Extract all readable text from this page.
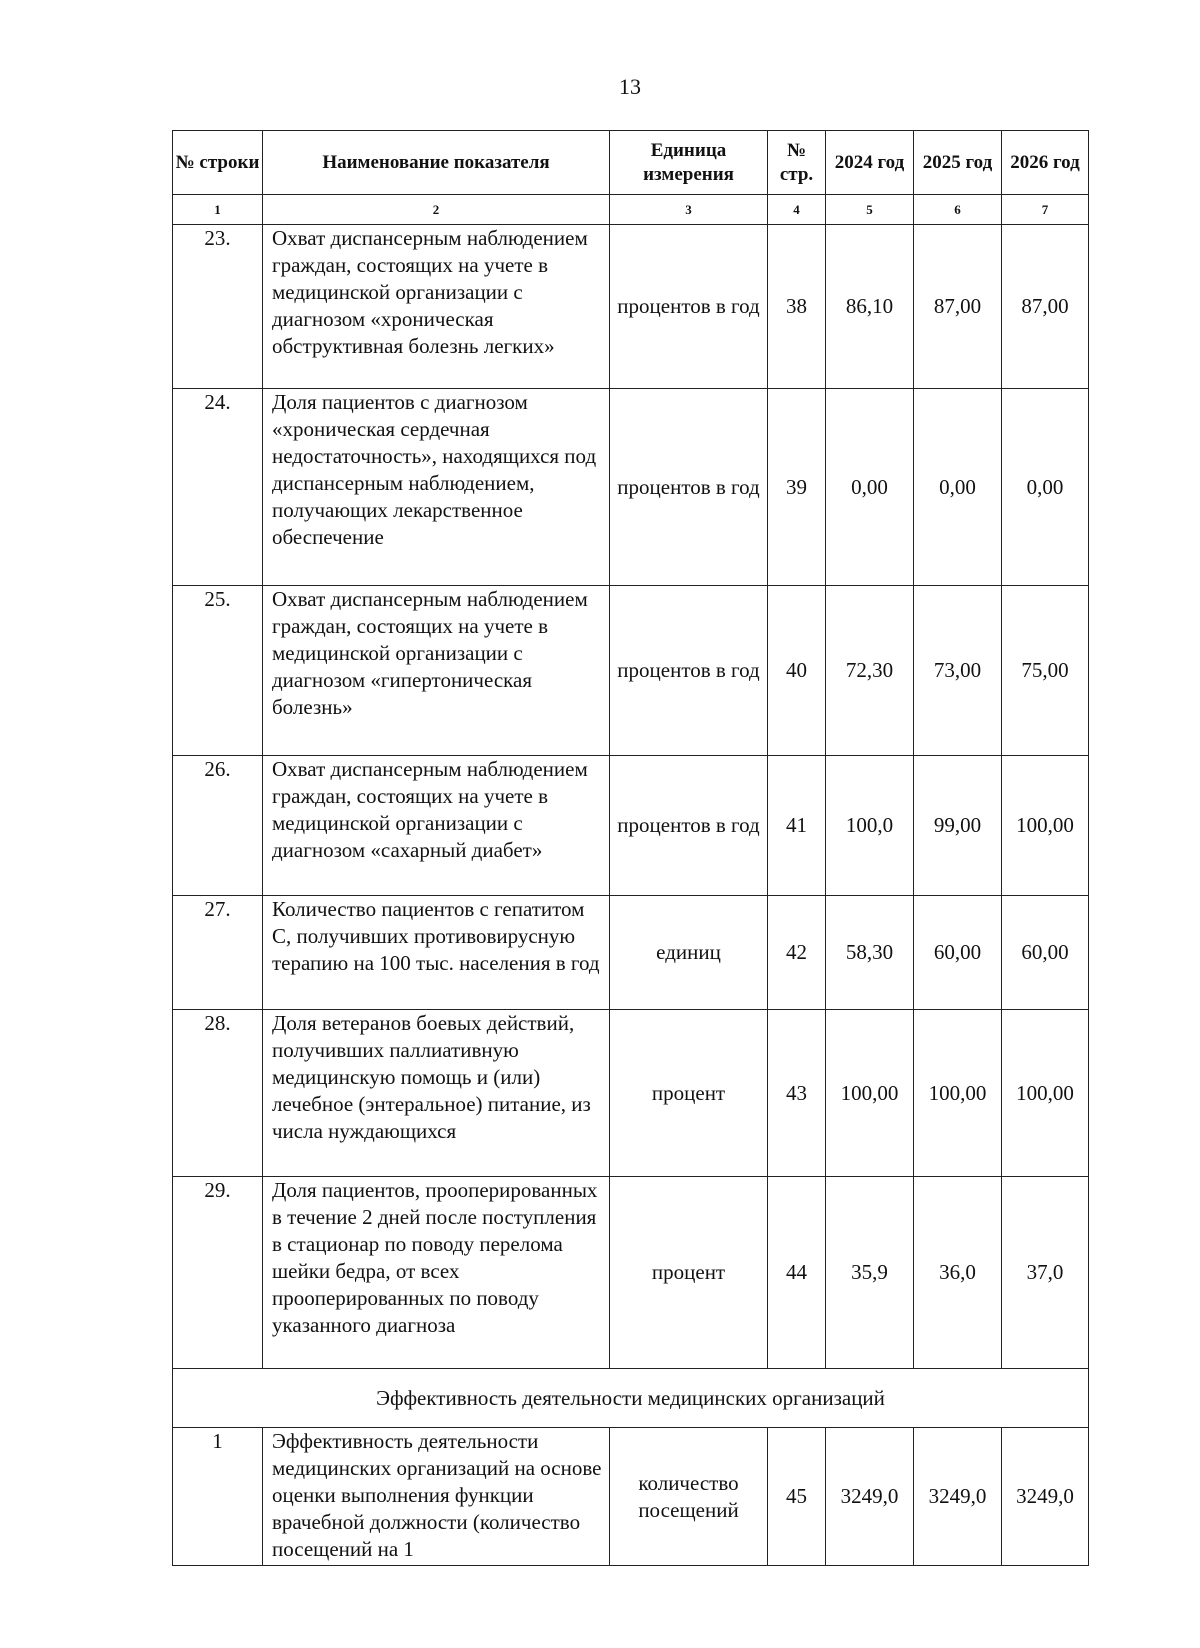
13
№ строки	Наименование показателя	Единица измерения	№ стр.	2024 год	2025 год	2026 год
1	2	3	4	5	6	7
23.	Охват диспансерным наблюдением граждан, состоящих на учете в медицинской организации с диагнозом «хроническая обструктивная болезнь легких»	процентов в год	38	86,10	87,00	87,00
24.	Доля пациентов с диагнозом «хроническая сердечная недостаточность», находящихся под диспансерным наблюдением, получающих лекарственное обеспечение	процентов в год	39	0,00	0,00	0,00
25.	Охват диспансерным наблюдением граждан, состоящих на учете в медицинской организации с диагнозом «гипертоническая болезнь»	процентов в год	40	72,30	73,00	75,00
26.	Охват диспансерным наблюдением граждан, состоящих на учете в медицинской организации с диагнозом «сахарный диабет»	процентов в год	41	100,0	99,00	100,00
27.	Количество пациентов с гепатитом С, получивших противовирусную терапию на 100 тыс. населения в год	единиц	42	58,30	60,00	60,00
28.	Доля ветеранов боевых действий, получивших паллиативную медицинскую помощь и (или) лечебное (энтеральное) питание, из числа нуждающихся	процент	43	100,00	100,00	100,00
29.	Доля пациентов, прооперированных в течение 2 дней после поступления в стационар по поводу перелома шейки бедра, от всех прооперированных по поводу указанного диагноза	процент	44	35,9	36,0	37,0
Эффективность деятельности медицинских организаций						
1	Эффективность деятельности медицинских организаций на основе оценки выполнения функции врачебной должности (количество посещений на 1	количество посещений	45	3249,0	3249,0	3249,0
